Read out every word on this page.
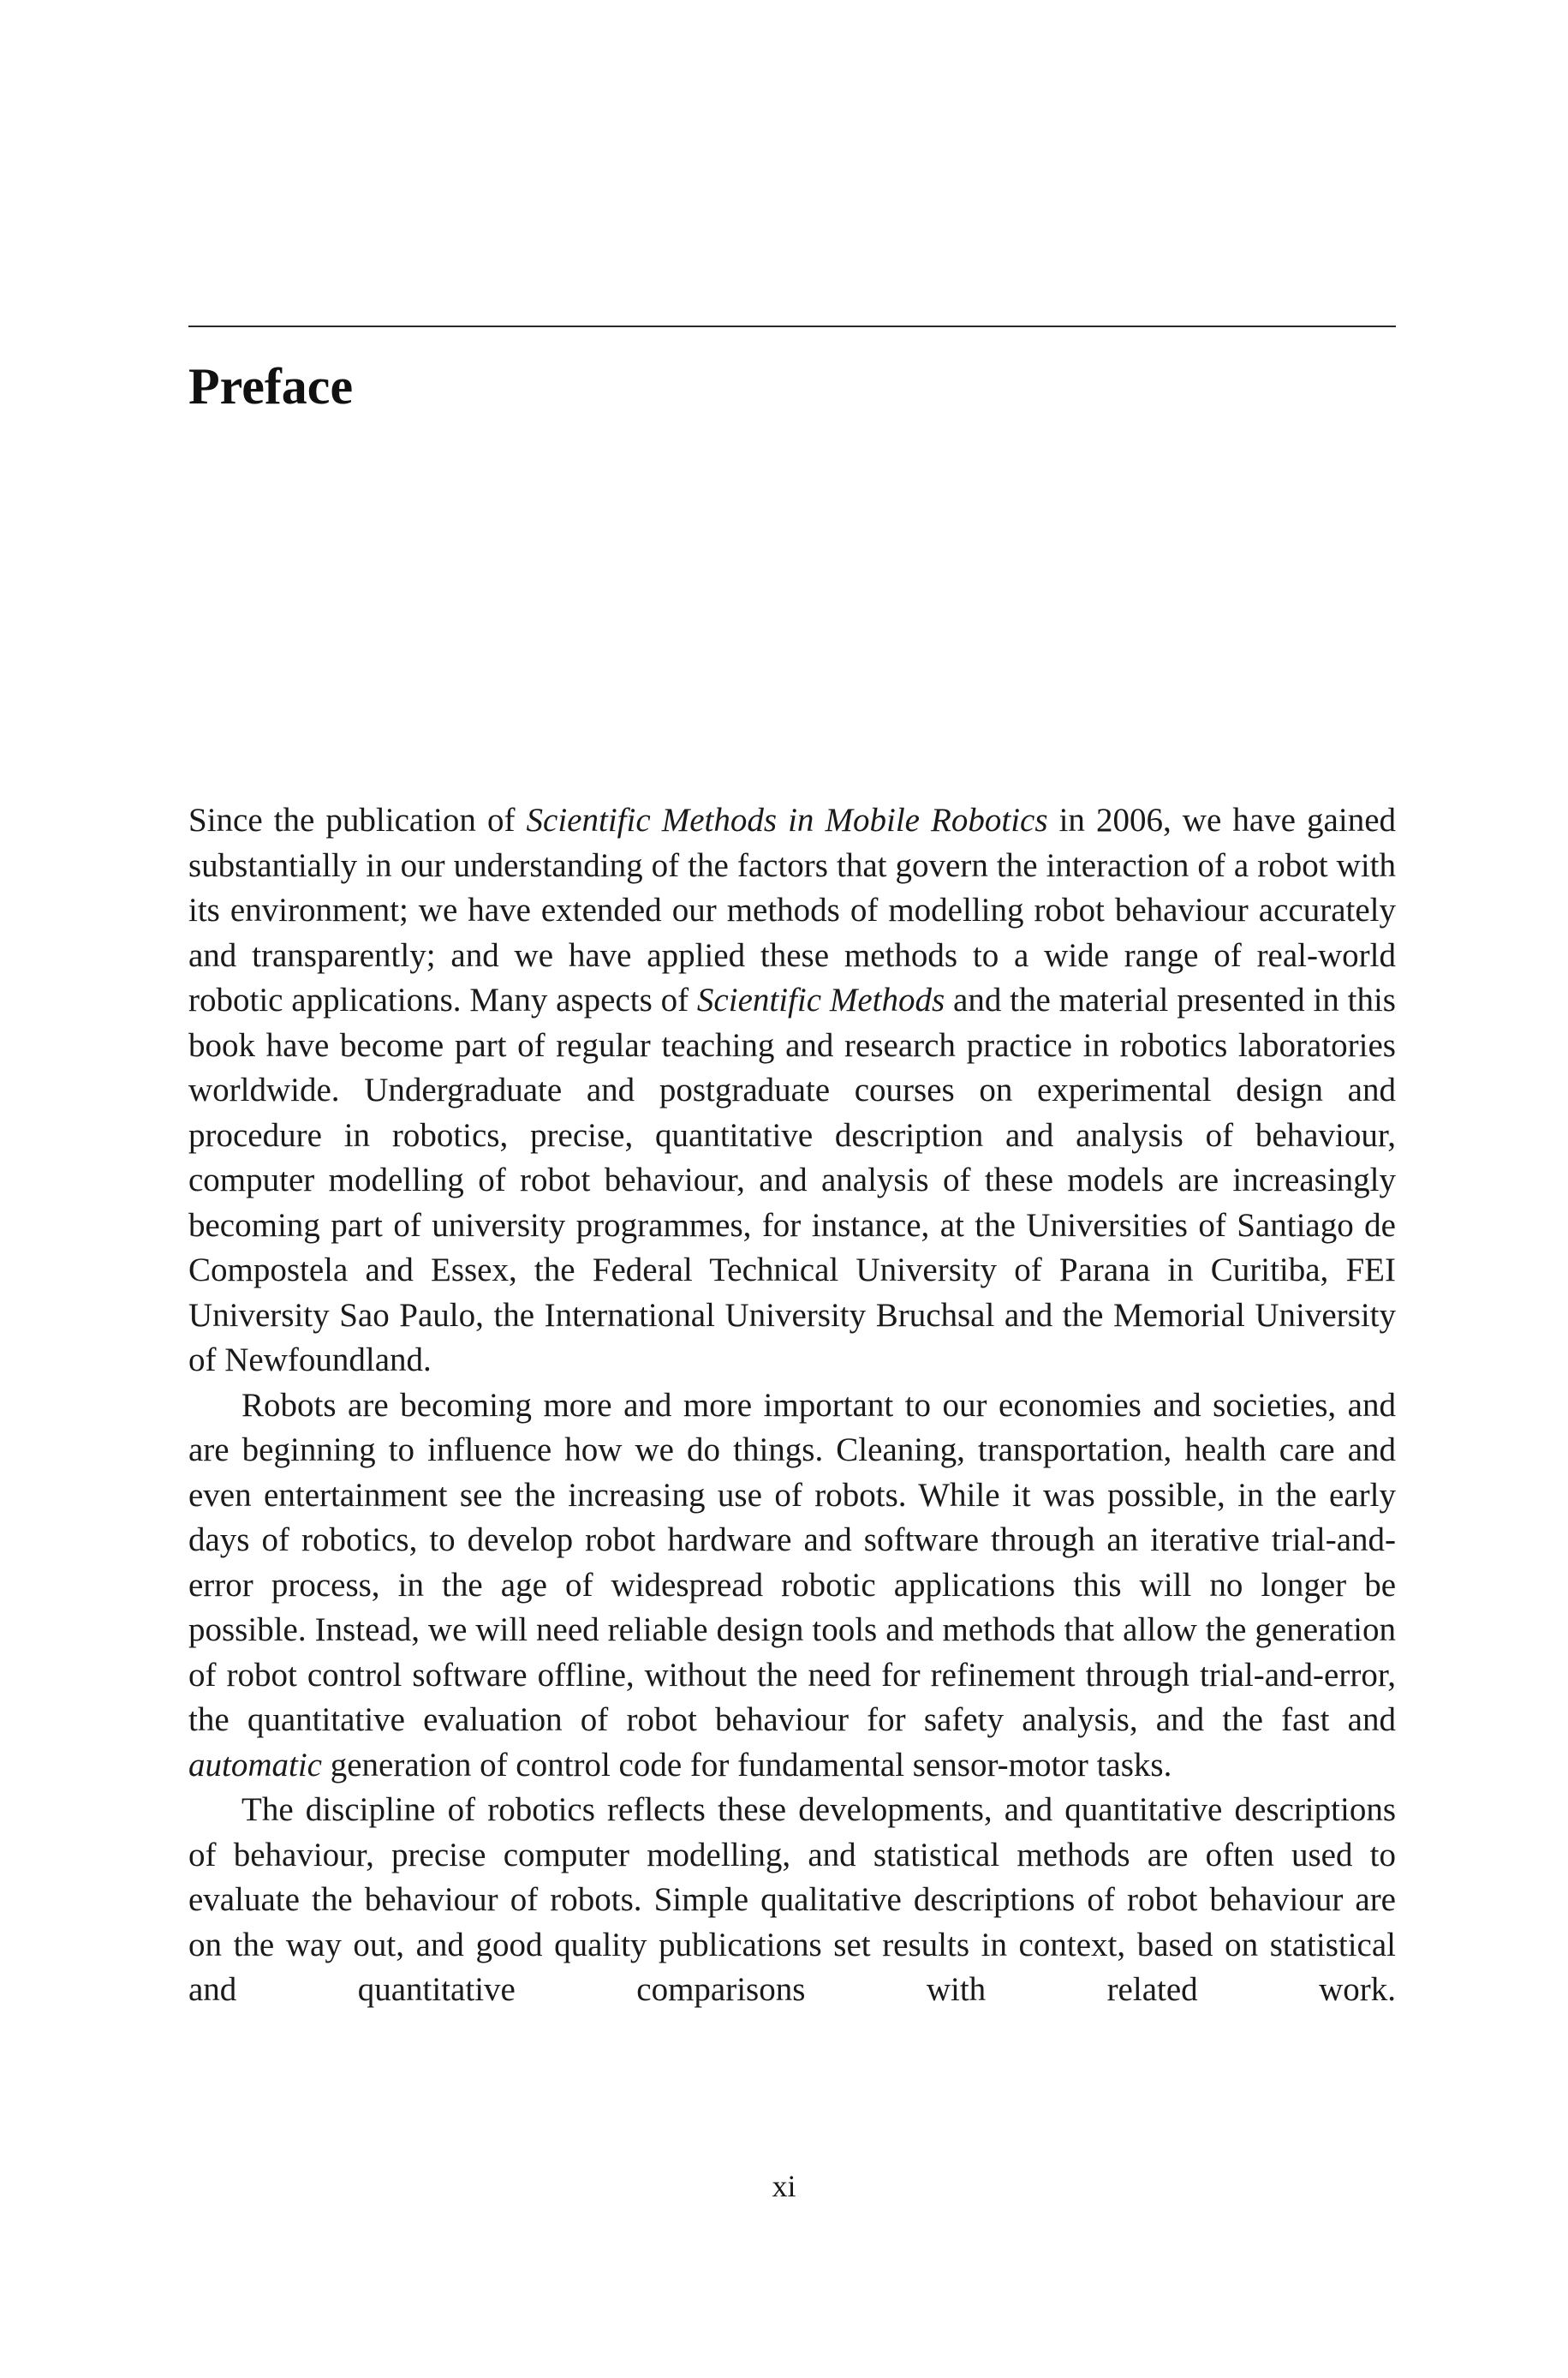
Preface

Since the publication of Scientific Methods in Mobile Robotics in 2006, we have gained substantially in our understanding of the factors that govern the interaction of a robot with its environment; we have extended our methods of modelling robot behaviour accurately and transparently; and we have applied these methods to a wide range of real-world robotic applications. Many aspects of Scientific Methods and the material presented in this book have become part of regular teaching and research practice in robotics laboratories worldwide. Undergraduate and postgraduate courses on experimental design and procedure in robotics, precise, quantitative description and analysis of behaviour, computer modelling of robot behaviour, and analysis of these models are increasingly becoming part of university programmes, for instance, at the Universities of Santiago de Compostela and Essex, the Federal Technical University of Parana in Curitiba, FEI University Sao Paulo, the International University Bruchsal and the Memorial University of Newfoundland.

Robots are becoming more and more important to our economies and societies, and are beginning to influence how we do things. Cleaning, transportation, health care and even entertainment see the increasing use of robots. While it was possible, in the early days of robotics, to develop robot hardware and software through an iterative trial-and-error process, in the age of widespread robotic applications this will no longer be possible. Instead, we will need reliable design tools and methods that allow the generation of robot control software offline, without the need for refinement through trial-and-error, the quantitative evaluation of robot behaviour for safety analysis, and the fast and automatic generation of control code for fundamental sensor-motor tasks.

The discipline of robotics reflects these developments, and quantitative descriptions of behaviour, precise computer modelling, and statistical methods are often used to evaluate the behaviour of robots. Simple qualitative descriptions of robot behaviour are on the way out, and good quality publications set results in context, based on statistical and quantitative comparisons with related work.

xi
